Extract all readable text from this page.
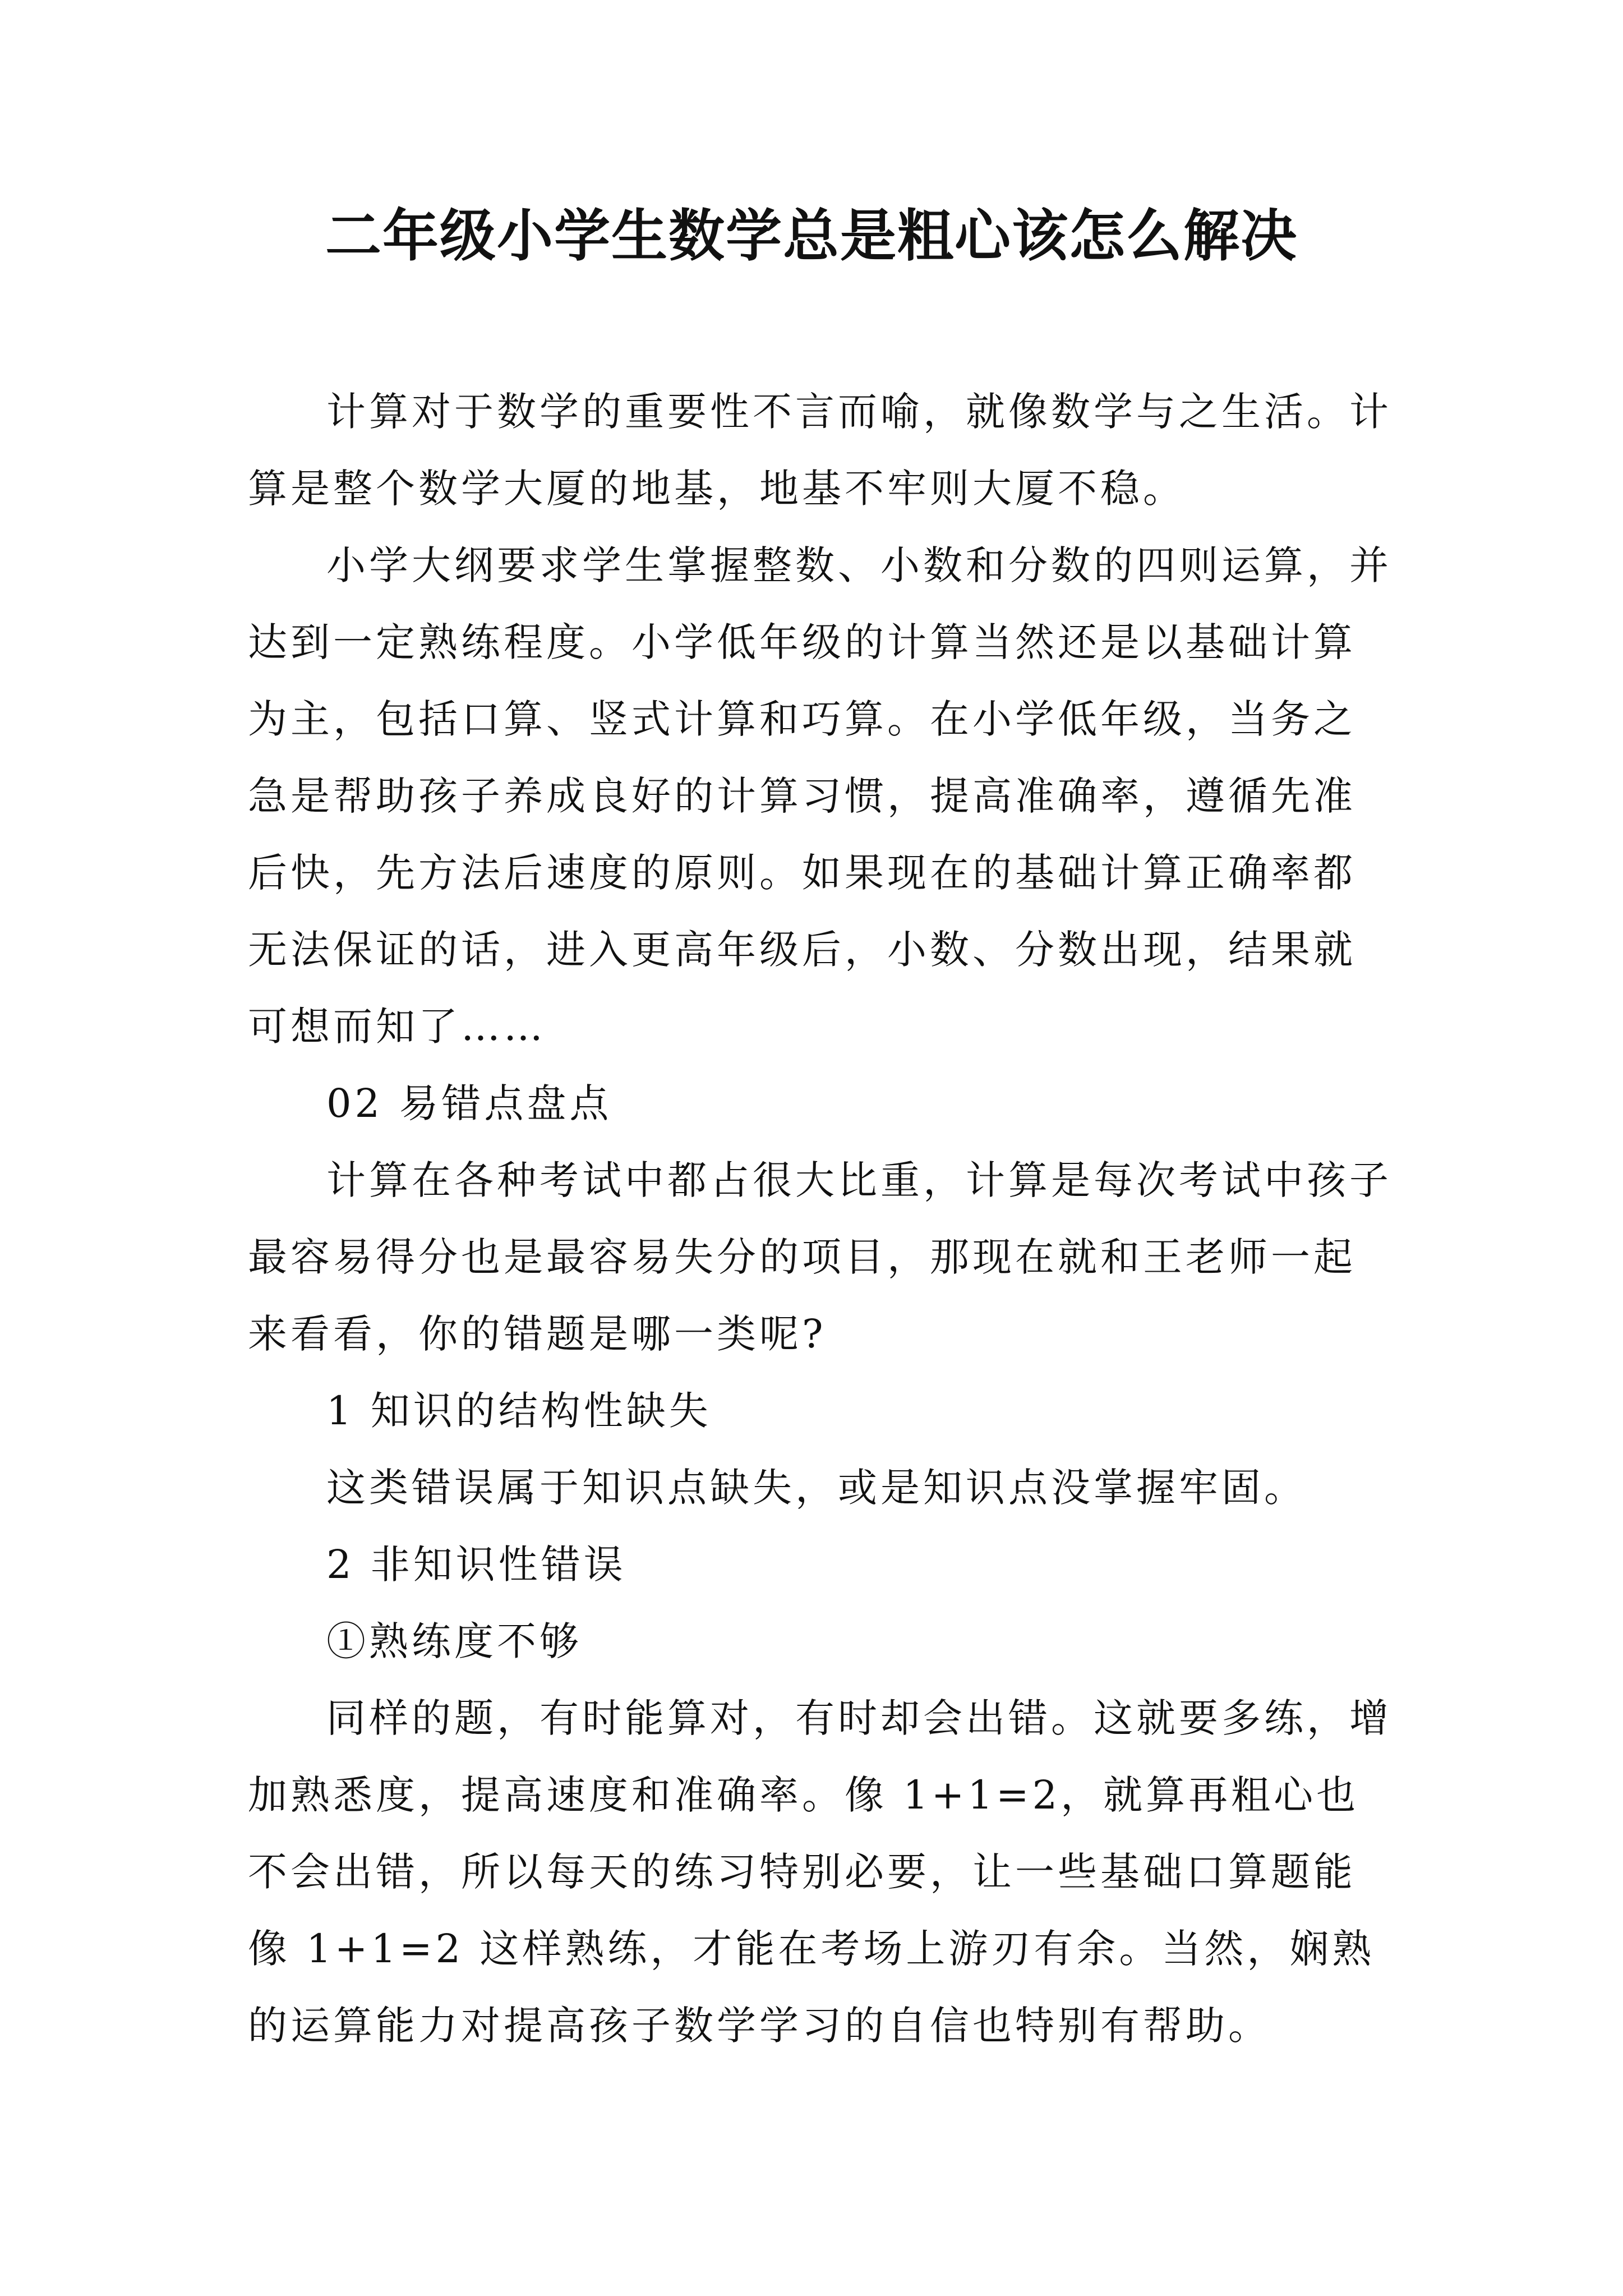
二年级小学生数学总是粗心该怎么解决

计算对于数学的重要性不言而喻，就像数学与之生活。计算是整个数学大厦的地基，地基不牢则大厦不稳。

小学大纲要求学生掌握整数、小数和分数的四则运算，并达到一定熟练程度。小学低年级的计算当然还是以基础计算为主，包括口算、竖式计算和巧算。在小学低年级，当务之急是帮助孩子养成良好的计算习惯，提高准确率，遵循先准后快，先方法后速度的原则。如果现在的基础计算正确率都无法保证的话，进入更高年级后，小数、分数出现，结果就可想而知了……

02 易错点盘点

计算在各种考试中都占很大比重，计算是每次考试中孩子最容易得分也是最容易失分的项目，那现在就和王老师一起来看看，你的错题是哪一类呢?

1 知识的结构性缺失

这类错误属于知识点缺失，或是知识点没掌握牢固。

2 非知识性错误

①熟练度不够

同样的题，有时能算对，有时却会出错。这就要多练，增加熟悉度，提高速度和准确率。像 1+1=2，就算再粗心也不会出错，所以每天的练习特别必要，让一些基础口算题能像 1+1=2 这样熟练，才能在考场上游刃有余。当然，娴熟的运算能力对提高孩子数学学习的自信也特别有帮助。
